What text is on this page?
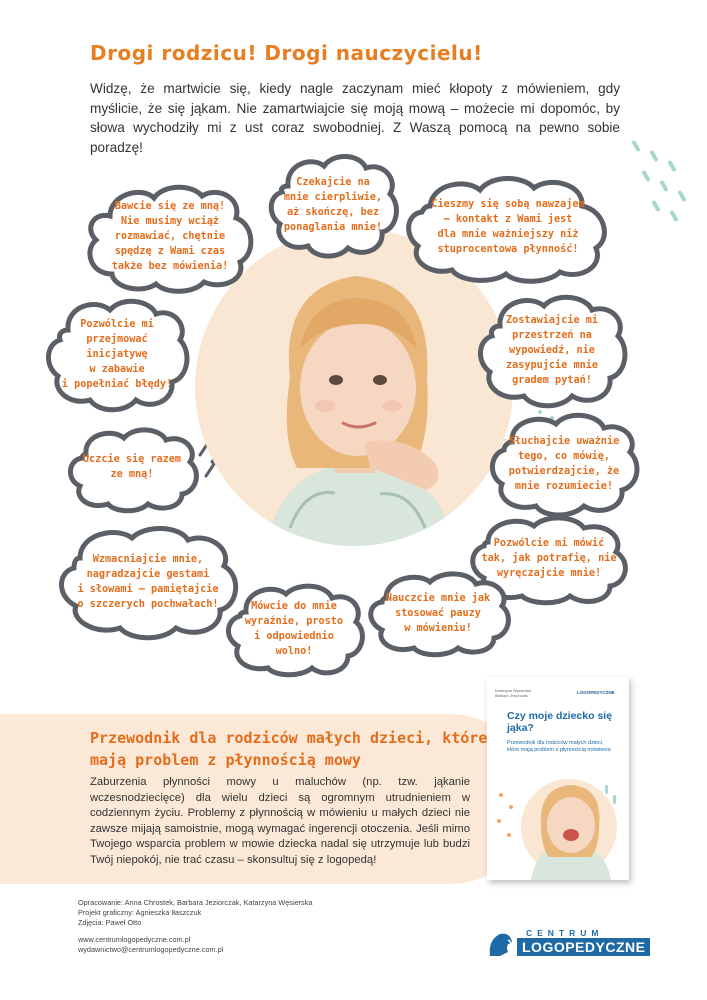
Drogi rodzicu! Drogi nauczycielu!
Widzę, że martwicie się, kiedy nagle zaczynam mieć kłopoty z mówieniem, gdy myślicie, że się jąkam. Nie zamartwiajcie się moją mową – możecie mi dopomóc, by słowa wychodziły mi z ust coraz swobodniej. Z Waszą pomocą na pewno sobie poradzę!
Bawcie się ze mną!
Nie musimy wciąż
rozmawiać, chętnie
spędzę z Wami czas
także bez mówienia!
Czekajcie na
mnie cierpliwie,
aż skończę, bez
ponaglania mnie!
Cieszmy się sobą nawzajem
– kontakt z Wami jest
dla mnie ważniejszy niż
stuprocentowa płynność!
Pozwólcie mi
przejmować
inicjatywę
w zabawie
i popełniać błędy!
Zostawiajcie mi
przestrzeń na
wypowiedź, nie
zasypujcie mnie
gradem pytań!
Uczcie się razem
ze mną!
Słuchajcie uważnie
tego, co mówię,
potwierdzajcie, że
mnie rozumiecie!
Pozwólcie mi mówić
tak, jak potrafię, nie
wyręczajcie mnie!
Wzmacniajcie mnie,
nagradzajcie gestami
i słowami – pamiętajcie
o szczerych pochwałach!	Mówcie do mnie
wyraźnie, prosto
i odpowiednio wolno!
Nauczcie mnie jak
stosować pauzy
w mówieniu!
Przewodnik dla rodziców małych dzieci, które mają problem z płynnością mowy
Zaburzenia płynności mowy u maluchów (np. tzw. jąkanie wczesnodziecięce) dla wielu dzieci są ogromnym utrudnieniem w codziennym życiu. Problemy z płynnością w mówieniu u małych dzieci nie zawsze mijają samoistnie, mogą wymagać ingerencji otoczenia. Jeśli mimo Twojego wsparcia problem w mowie dziecka nadal się utrzymuje lub budzi Twój niepokój, nie trać czasu – skonsultuj się z logopedą!
Katarzyna Węsierska
Barbara Jeziorczak
LOGOPEDYCZNE
Czy moje dziecko się jąka?
Przewodnik dla rodziców małych dzieci, które mają problem z płynnością mówienia
Opracowanie: Anna Chrostek, Barbara Jeziorczak, Katarzyna Węsierska
Projekt graficzny: Agnieszka Iłaszczuk
Zdjęcia: Paweł Otto
www.centrumlogopedyczne.com.pl
wydawnictwo@centrumlogopedyczne.com.pl
CENTRUM
LOGOPEDYCZNE
